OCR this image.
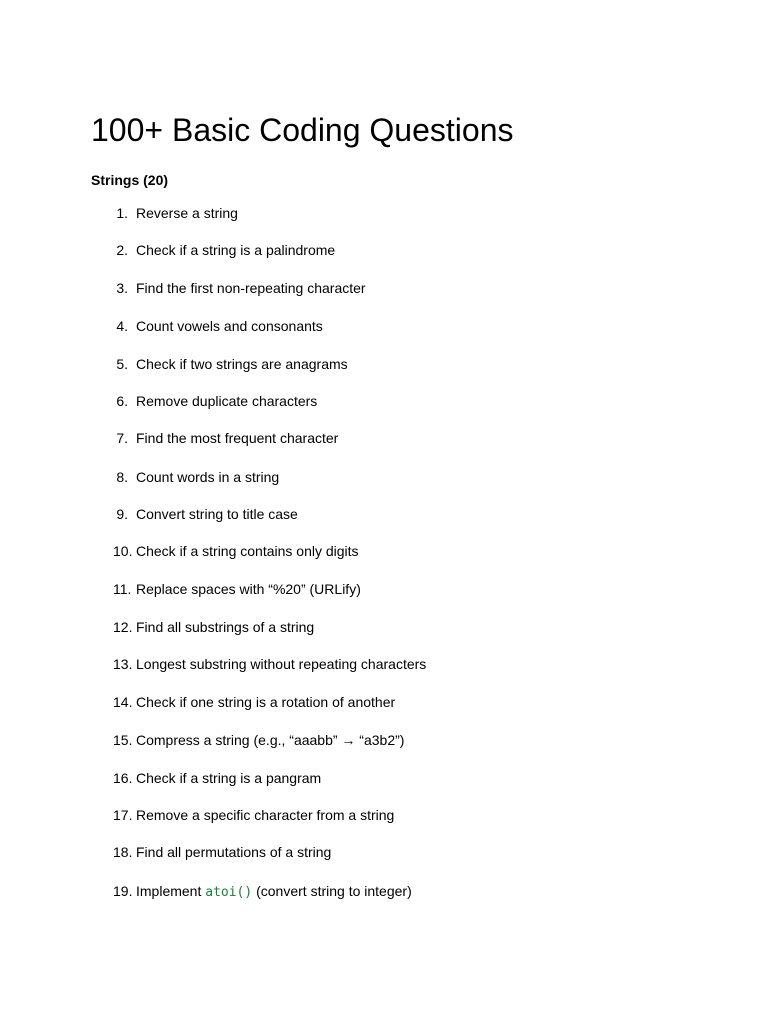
100+ Basic Coding Questions
Strings (20)
1. Reverse a string
2. Check if a string is a palindrome
3. Find the first non-repeating character
4. Count vowels and consonants
5. Check if two strings are anagrams
6. Remove duplicate characters
7. Find the most frequent character
8. Count words in a string
9. Convert string to title case
10. Check if a string contains only digits
11. Replace spaces with “%20” (URLify)
12. Find all substrings of a string
13. Longest substring without repeating characters
14. Check if one string is a rotation of another
15. Compress a string (e.g., “aaabb” → “a3b2”)
16. Check if a string is a pangram
17. Remove a specific character from a string
18. Find all permutations of a string
19. Implement atoi() (convert string to integer)
